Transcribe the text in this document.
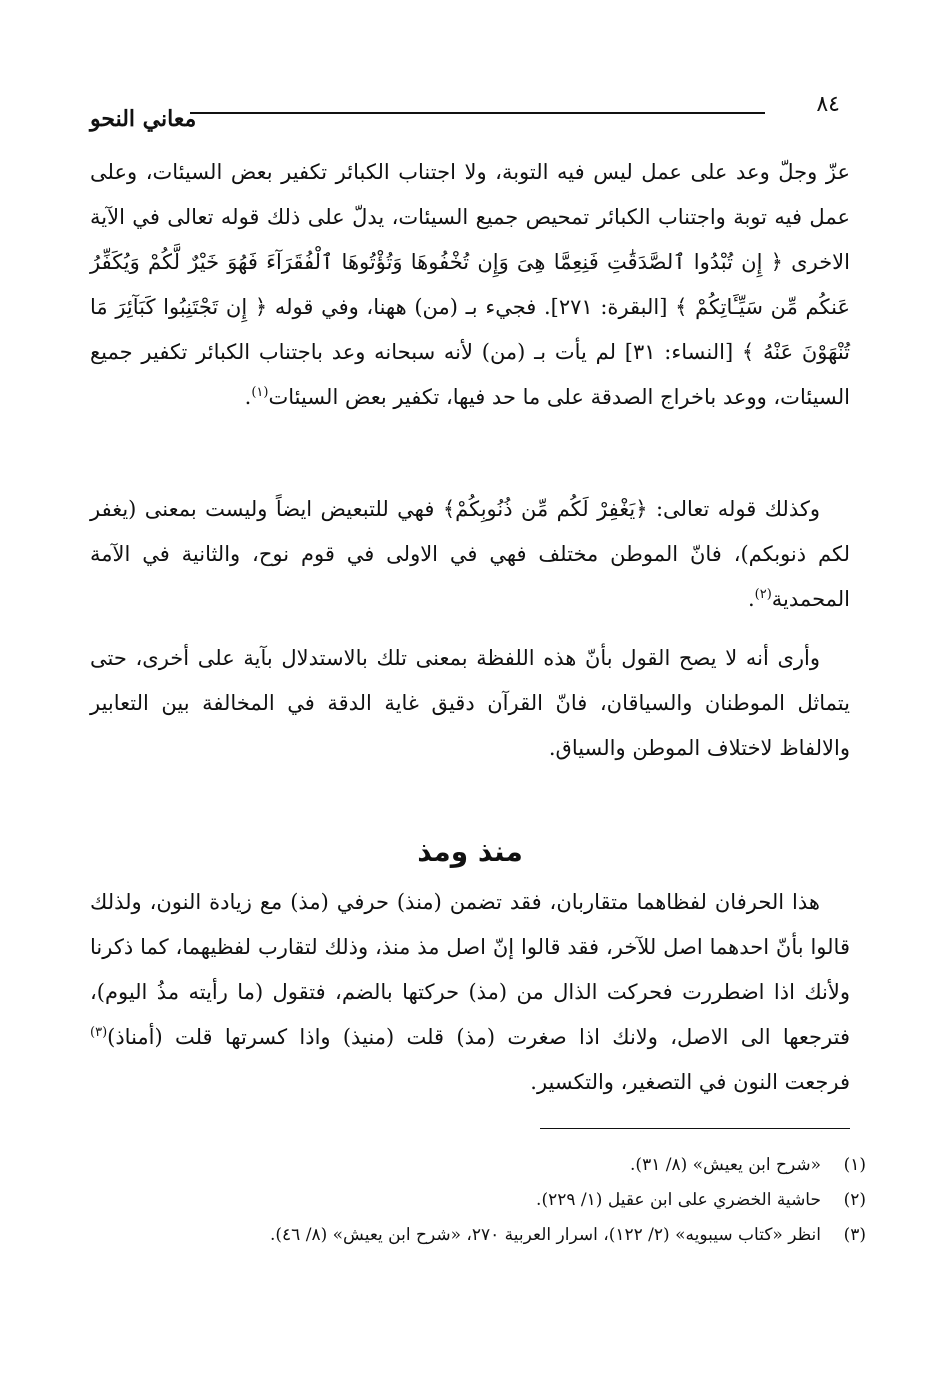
٨٤
معاني النحو

عزّ وجلّ وعد على عمل ليس فيه التوبة، ولا اجتناب الكبائر تكفير بعض السيئات، وعلى عمل فيه توبة واجتناب الكبائر تمحيص جميع السيئات، يدلّ على ذلك قوله تعالى في الآية الاخرى ﴿ إِن تُبْدُوا ٱلصَّدَقَٰتِ فَنِعِمَّا هِىَ وَإِن تُخْفُوهَا وَتُؤْتُوهَا ٱلْفُقَرَآءَ فَهُوَ خَيْرٌ لَّكُمْ وَيُكَفِّرُ عَنكُم مِّن سَيِّـَٔاتِكُمْ ﴾ [البقرة: ٢٧١]. فجيء بـ (من) ههنا، وفي قوله ﴿ إِن تَجْتَنِبُوا كَبَآئِرَ مَا تُنْهَوْنَ عَنْهُ ﴾ [النساء: ٣١] لم يأت بـ (من) لأنه سبحانه وعد باجتناب الكبائر تكفير جميع السيئات، ووعد باخراج الصدقة على ما حد فيها، تكفير بعض السيئات$^{(١)}$.

وكذلك قوله تعالى: ﴿يَغْفِرْ لَكُم مِّن ذُنُوبِكُمْ﴾ فهي للتبعيض ايضاً وليست بمعنى (يغفر لكم ذنوبكم)، فانّ الموطن مختلف فهي في الاولى في قوم نوح، والثانية في الآمة المحمدية$^{(٢)}$.

وأرى أنه لا يصح القول بأنّ هذه اللفظة بمعنى تلك بالاستدلال بآية على أخرى، حتى يتماثل الموطنان والسياقان، فانّ القرآن دقيق غاية الدقة في المخالفة بين التعابير والالفاظ لاختلاف الموطن والسياق.

منذ ومذ

هذا الحرفان لفظاهما متقاربان، فقد تضمن (منذ) حرفي (مذ) مع زيادة النون، ولذلك قالوا بأنّ احدهما اصل للآخر، فقد قالوا إنّ اصل مذ منذ، وذلك لتقارب لفظيهما، كما ذكرنا ولأنك اذا اضطررت فحركت الذال من (مذ) حركتها بالضم، فتقول (ما رأيته مذُ اليوم)، فترجعها الى الاصل، ولانك اذا صغرت (مذ) قلت (منيذ) واذا كسرتها قلت (أمناذ)$^{(٣)}$ فرجعت النون في التصغير، والتكسير.

(١)
«شرح ابن يعيش» (٨/ ٣١).
(٢)
حاشية الخضري على ابن عقيل (١/ ٢٢٩).
(٣)
انظر «كتاب سيبويه» (٢/ ١٢٢)، اسرار العربية ٢٧٠، «شرح ابن يعيش» (٨/ ٤٦).
